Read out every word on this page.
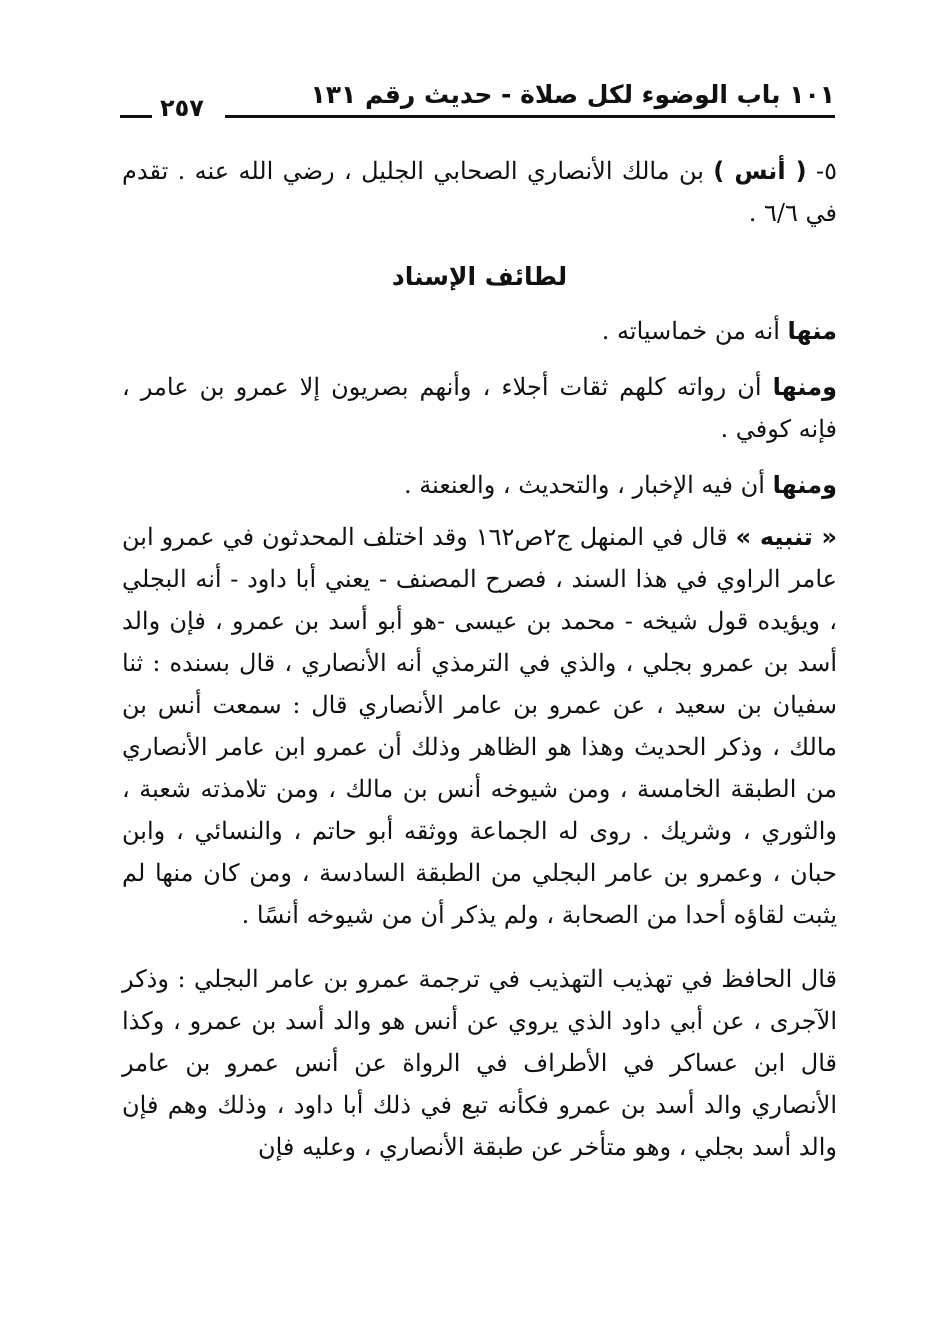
١٠١ باب الوضوء لكل صلاة - حديث رقم ١٣١
٢٥٧

٥- ( أنس ) بن مالك الأنصاري الصحابي الجليل ، رضي الله عنه . تقدم في ٦/٦ .

لطائف الإسناد

منها أنه من خماسياته .

ومنها أن رواته كلهم ثقات أجلاء ، وأنهم بصريون إلا عمرو بن عامر ، فإنه كوفي .

ومنها أن فيه الإخبار ، والتحديث ، والعنعنة .

« تنبيه » قال في المنهل ج٢ص١٦٢ وقد اختلف المحدثون في عمرو ابن عامر الراوي في هذا السند ، فصرح المصنف - يعني أبا داود - أنه البجلي ، ويؤيده قول شيخه - محمد بن عيسى -هو أبو أسد بن عمرو ، فإن والد أسد بن عمرو بجلي ، والذي في الترمذي أنه الأنصاري ، قال بسنده : ثنا سفيان بن سعيد ، عن عمرو بن عامر الأنصاري قال : سمعت أنس بن مالك ، وذكر الحديث وهذا هو الظاهر وذلك أن عمرو ابن عامر الأنصاري من الطبقة الخامسة ، ومن شيوخه أنس بن مالك ، ومن تلامذته شعبة ، والثوري ، وشريك . روى له الجماعة ووثقه أبو حاتم ، والنسائي ، وابن حبان ، وعمرو بن عامر البجلي من الطبقة السادسة ، ومن كان منها لم يثبت لقاؤه أحدا من الصحابة ، ولم يذكر أن من شيوخه أنسًا .

قال الحافظ في تهذيب التهذيب في ترجمة عمرو بن عامر البجلي : وذكر الآجرى ، عن أبي داود الذي يروي عن أنس هو والد أسد بن عمرو ، وكذا قال ابن عساكر في الأطراف في الرواة عن أنس عمرو بن عامر الأنصاري والد أسد بن عمرو فكأنه تبع في ذلك أبا داود ، وذلك وهم فإن والد أسد بجلي ، وهو متأخر عن طبقة الأنصاري ، وعليه فإن
